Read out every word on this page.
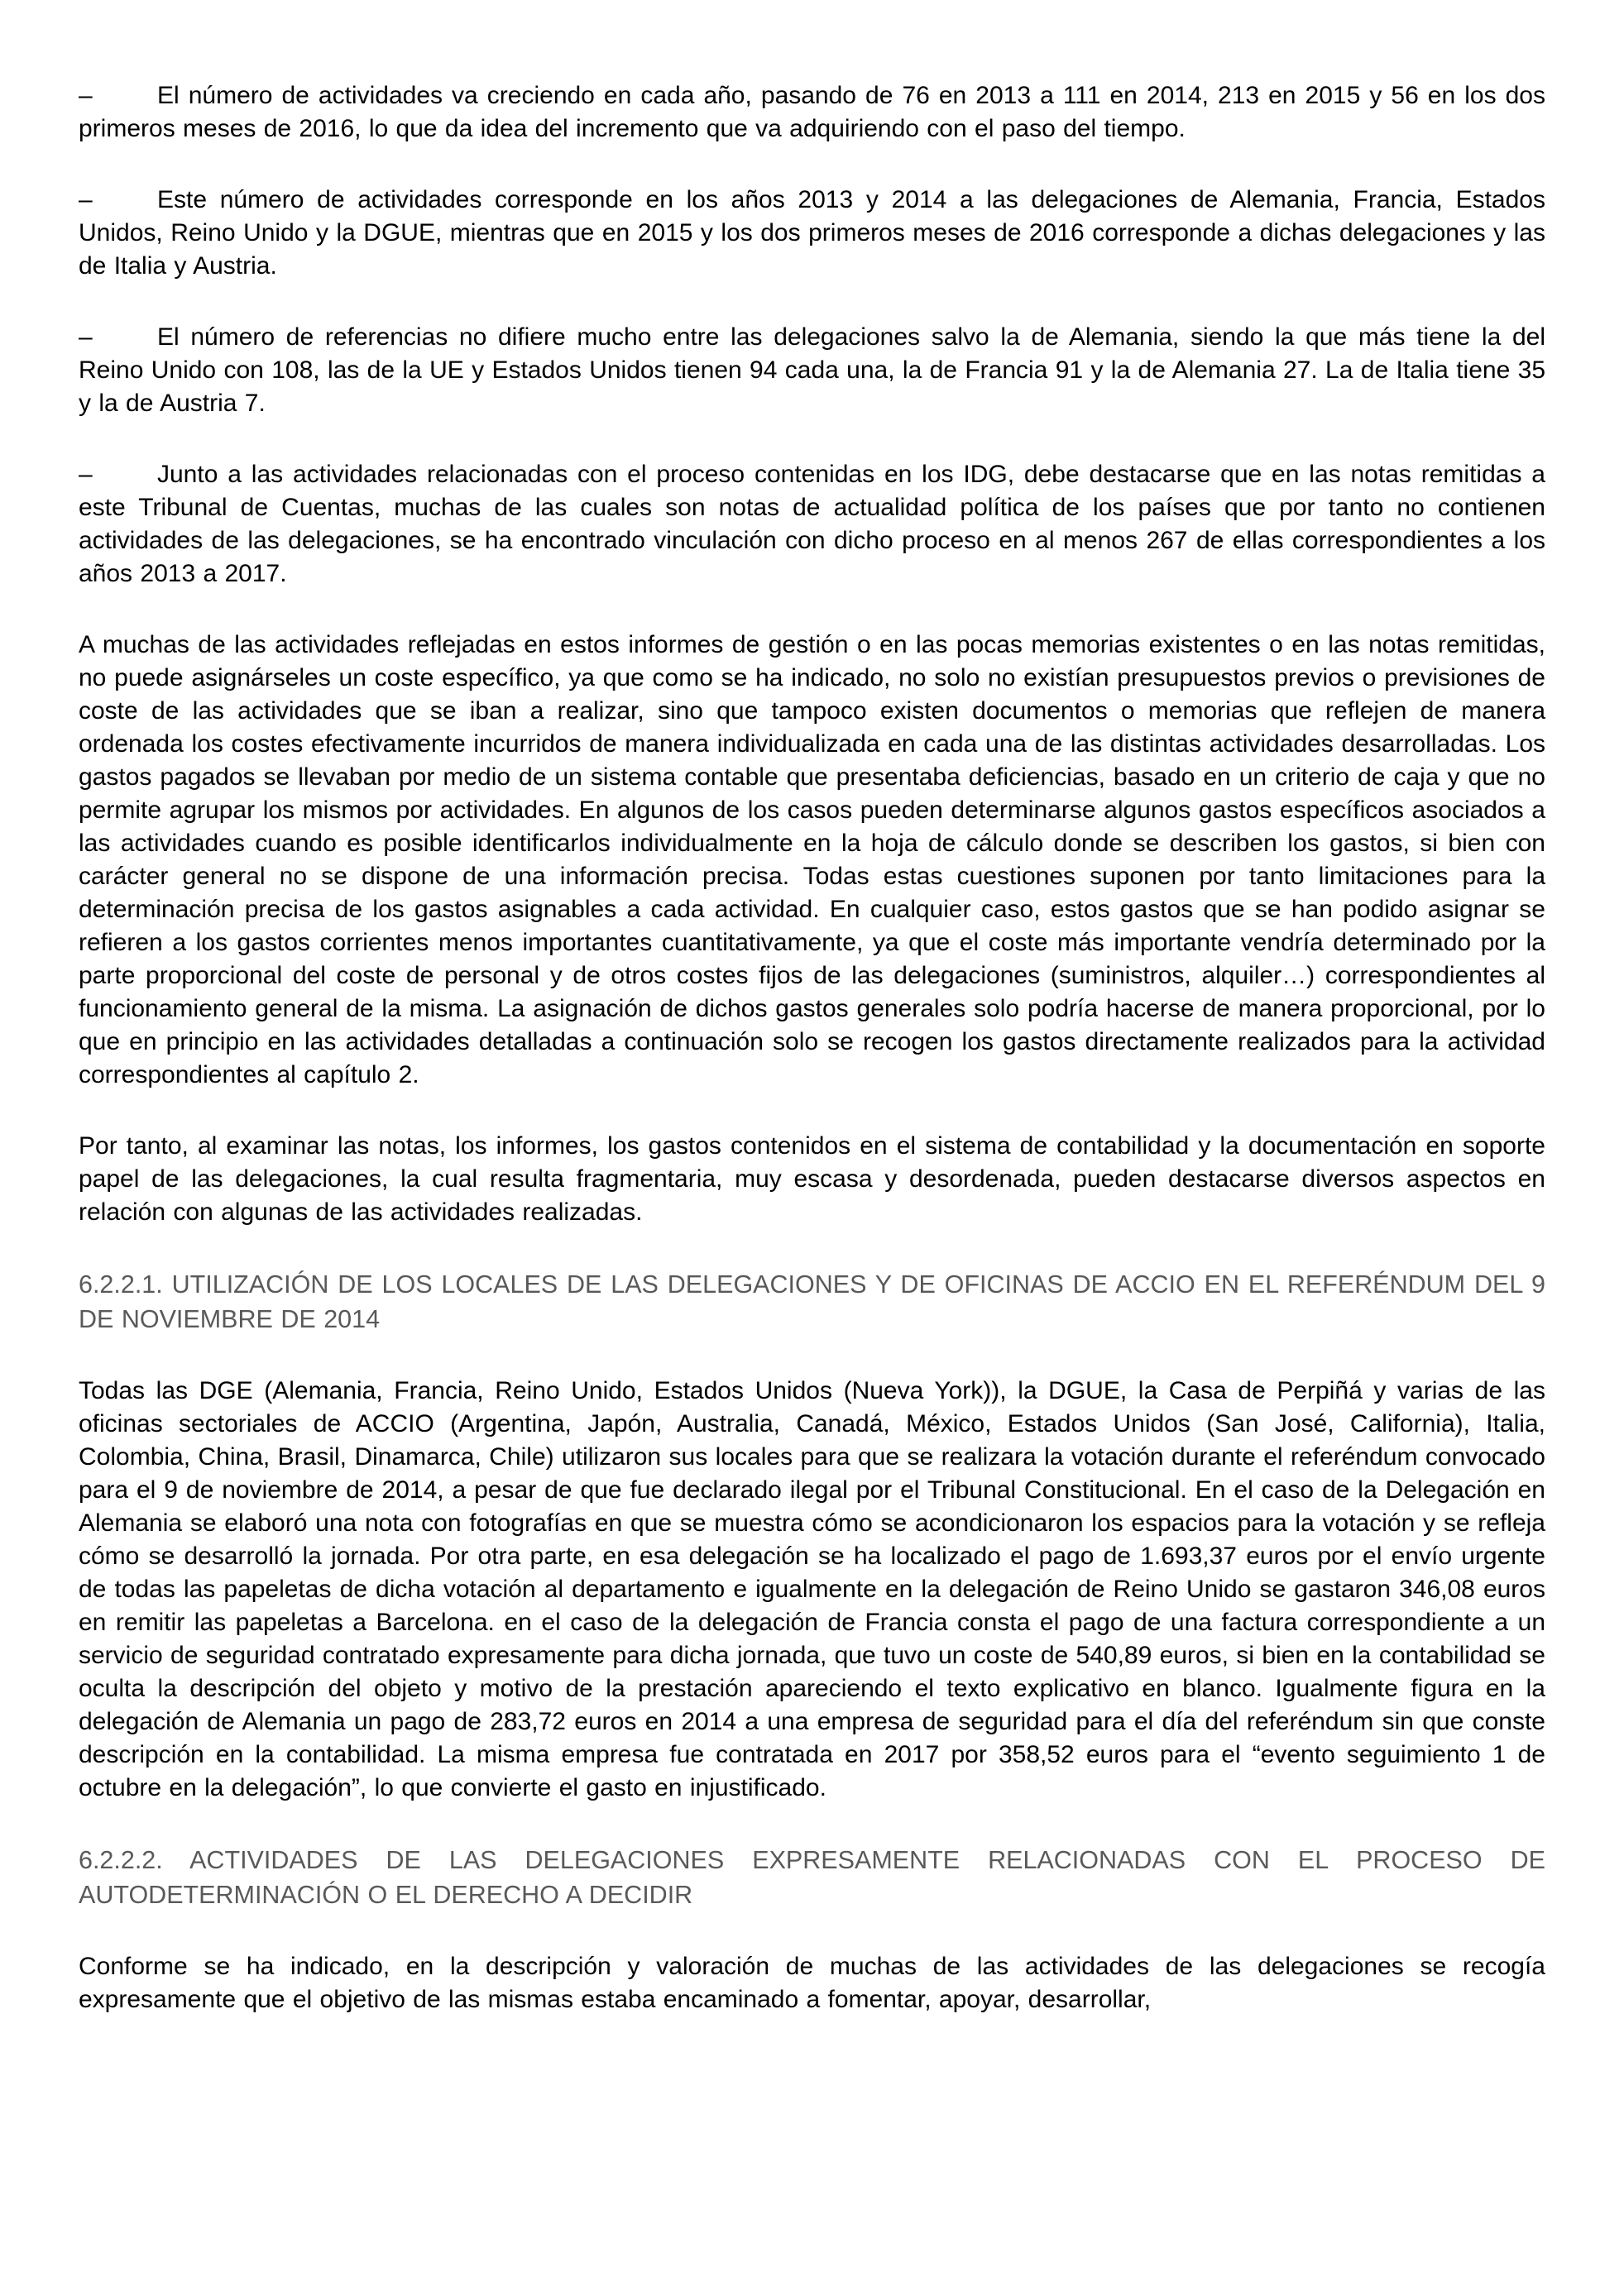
–	El número de actividades va creciendo en cada año, pasando de 76 en 2013 a 111 en 2014, 213 en 2015 y 56 en los dos primeros meses de 2016, lo que da idea del incremento que va adquiriendo con el paso del tiempo.

–	Este número de actividades corresponde en los años 2013 y 2014 a las delegaciones de Alemania, Francia, Estados Unidos, Reino Unido y la DGUE, mientras que en 2015 y los dos primeros meses de 2016 corresponde a dichas delegaciones y las de Italia y Austria.

–	El número de referencias no difiere mucho entre las delegaciones salvo la de Alemania, siendo la que más tiene la del Reino Unido con 108, las de la UE y Estados Unidos tienen 94 cada una, la de Francia 91 y la de Alemania 27. La de Italia tiene 35 y la de Austria 7.

–	Junto a las actividades relacionadas con el proceso contenidas en los IDG, debe destacarse que en las notas remitidas a este Tribunal de Cuentas, muchas de las cuales son notas de actualidad política de los países que por tanto no contienen actividades de las delegaciones, se ha encontrado vinculación con dicho proceso en al menos 267 de ellas correspondientes a los años 2013 a 2017.

A muchas de las actividades reflejadas en estos informes de gestión o en las pocas memorias existentes o en las notas remitidas, no puede asignárseles un coste específico, ya que como se ha indicado, no solo no existían presupuestos previos o previsiones de coste de las actividades que se iban a realizar, sino que tampoco existen documentos o memorias que reflejen de manera ordenada los costes efectivamente incurridos de manera individualizada en cada una de las distintas actividades desarrolladas. Los gastos pagados se llevaban por medio de un sistema contable que presentaba deficiencias, basado en un criterio de caja y que no permite agrupar los mismos por actividades. En algunos de los casos pueden determinarse algunos gastos específicos asociados a las actividades cuando es posible identificarlos individualmente en la hoja de cálculo donde se describen los gastos, si bien con carácter general no se dispone de una información precisa. Todas estas cuestiones suponen por tanto limitaciones para la determinación precisa de los gastos asignables a cada actividad. En cualquier caso, estos gastos que se han podido asignar se refieren a los gastos corrientes menos importantes cuantitativamente, ya que el coste más importante vendría determinado por la parte proporcional del coste de personal y de otros costes fijos de las delegaciones (suministros, alquiler…) correspondientes al funcionamiento general de la misma. La asignación de dichos gastos generales solo podría hacerse de manera proporcional, por lo que en principio en las actividades detalladas a continuación solo se recogen los gastos directamente realizados para la actividad correspondientes al capítulo 2.

Por tanto, al examinar las notas, los informes, los gastos contenidos en el sistema de contabilidad y la documentación en soporte papel de las delegaciones, la cual resulta fragmentaria, muy escasa y desordenada, pueden destacarse diversos aspectos en relación con algunas de las actividades realizadas.

6.2.2.1. UTILIZACIÓN DE LOS LOCALES DE LAS DELEGACIONES Y DE OFICINAS DE ACCIO EN EL REFERÉNDUM DEL 9 DE NOVIEMBRE DE 2014

Todas las DGE (Alemania, Francia, Reino Unido, Estados Unidos (Nueva York)), la DGUE, la Casa de Perpiñá y varias de las oficinas sectoriales de ACCIO (Argentina, Japón, Australia, Canadá, México, Estados Unidos (San José, California), Italia, Colombia, China, Brasil, Dinamarca, Chile) utilizaron sus locales para que se realizara la votación durante el referéndum convocado para el 9 de noviembre de 2014, a pesar de que fue declarado ilegal por el Tribunal Constitucional. En el caso de la Delegación en Alemania se elaboró una nota con fotografías en que se muestra cómo se acondicionaron los espacios para la votación y se refleja cómo se desarrolló la jornada. Por otra parte, en esa delegación se ha localizado el pago de 1.693,37 euros por el envío urgente de todas las papeletas de dicha votación al departamento e igualmente en la delegación de Reino Unido se gastaron 346,08 euros en remitir las papeletas a Barcelona. en el caso de la delegación de Francia consta el pago de una factura correspondiente a un servicio de seguridad contratado expresamente para dicha jornada, que tuvo un coste de 540,89 euros, si bien en la contabilidad se oculta la descripción del objeto y motivo de la prestación apareciendo el texto explicativo en blanco. Igualmente figura en la delegación de Alemania un pago de 283,72 euros en 2014 a una empresa de seguridad para el día del referéndum sin que conste descripción en la contabilidad. La misma empresa fue contratada en 2017 por 358,52 euros para el “evento seguimiento 1 de octubre en la delegación”, lo que convierte el gasto en injustificado.

6.2.2.2. ACTIVIDADES DE LAS DELEGACIONES EXPRESAMENTE RELACIONADAS CON EL PROCESO DE AUTODETERMINACIÓN O EL DERECHO A DECIDIR

Conforme se ha indicado, en la descripción y valoración de muchas de las actividades de las delegaciones se recogía expresamente que el objetivo de las mismas estaba encaminado a fomentar, apoyar, desarrollar,
